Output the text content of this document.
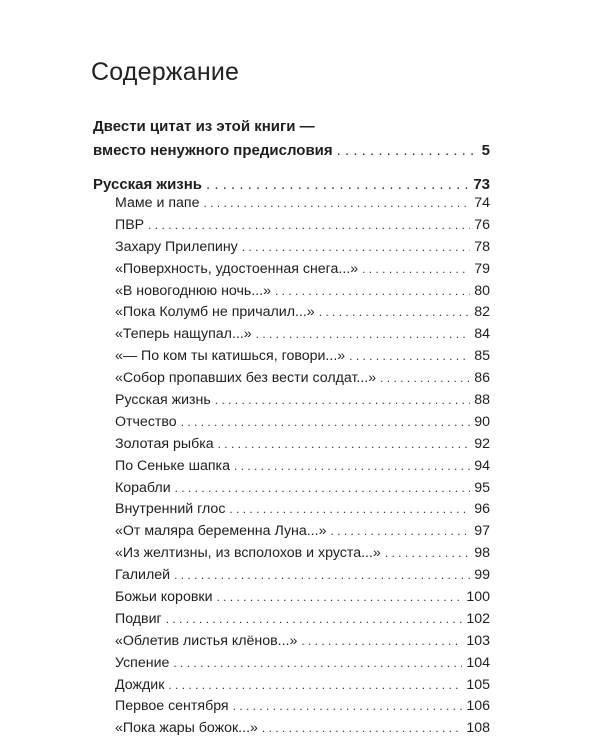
Содержание
Двести цитат из этой книги —
вместо ненужного предисловия . . .	5
Русская жизнь . . .	73
Маме и папе . . .	74
ПВР . . .	76
Захару Прилепину . . .	78
«Поверхность, удостоенная снега...» . . .	79
«В новогоднюю ночь...» . . .	80
«Пока Колумб не причалил...» . . .	82
«Теперь нащупал...» . . .	84
«— По ком ты катишься, говори...» . . .	85
«Собор пропавших без вести солдат...» . . .	86
Русская жизнь . . .	88
Отчество . . .	90
Золотая рыбка . . .	92
По Сеньке шапка . . .	94
Корабли . . .	95
Внутренний глос . . .	96
«От маляра беременна Луна...» . . .	97
«Из желтизны, из всполохов и хруста...» . . .	98
Галилей . . .	99
Божьи коровки . . .	100
Подвиг . . .	102
«Облетив листья клёнов...» . . .	103
Успение . . .	104
Дождик . . .	105
Первое сентября . . .	106
«Пока жары божок...» . . .	108
